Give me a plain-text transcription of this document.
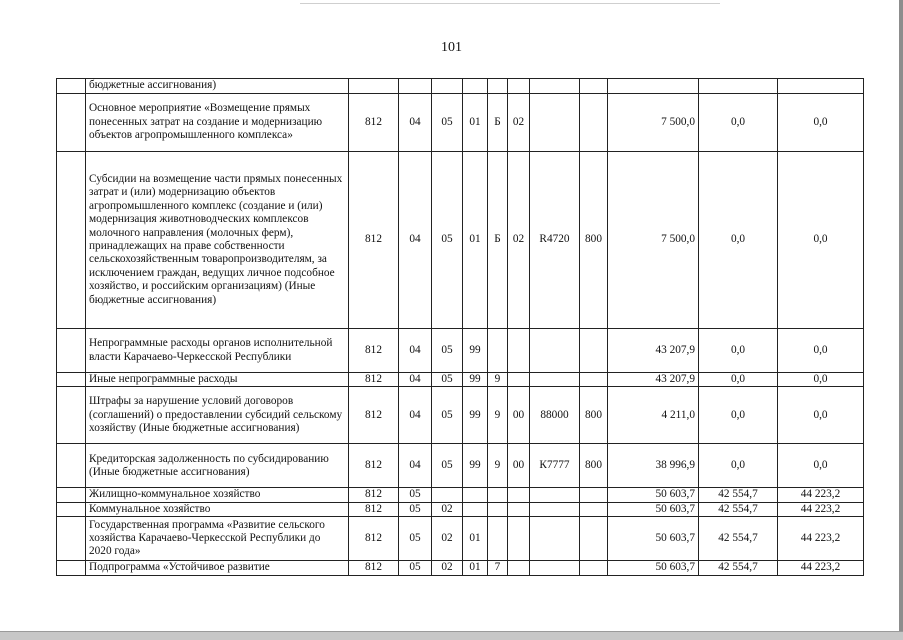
101
	бюджетные ассигнования)											
	Основное мероприятие «Возмещение прямых понесенных затрат на создание и модернизацию объектов агропромышленного комплекса»	812	04	05	01	Б	02			7 500,0	0,0	0,0
	Субсидии на возмещение части прямых понесенных затрат и (или) модернизацию объектов агропромышленного комплекс (создание и (или) модернизация животноводческих комплексов молочного направления (молочных ферм), принадлежащих на праве собственности сельскохозяйственным товаропроизводителям, за исключением граждан, ведущих личное подсобное хозяйство, и российским организациям) (Иные бюджетные ассигнования)	812	04	05	01	Б	02	R4720	800	7 500,0	0,0	0,0
	Непрограммные расходы органов исполнительной власти Карачаево-Черкесской Республики	812	04	05	99					43 207,9	0,0	0,0
	Иные непрограммные расходы	812	04	05	99	9				43 207,9	0,0	0,0
	Штрафы за нарушение условий договоров (соглашений) о предоставлении субсидий сельскому хозяйству (Иные бюджетные ассигнования)	812	04	05	99	9	00	88000	800	4 211,0	0,0	0,0
	Кредиторская задолженность по субсидированию (Иные бюджетные ассигнования)	812	04	05	99	9	00	К7777	800	38 996,9	0,0	0,0
	Жилищно-коммунальное хозяйство	812	05							50 603,7	42 554,7	44 223,2
	Коммунальное хозяйство	812	05	02						50 603,7	42 554,7	44 223,2
	Государственная программа «Развитие сельского хозяйства Карачаево-Черкесской Республики до 2020 года»	812	05	02	01					50 603,7	42 554,7	44 223,2
	Подпрограмма «Устойчивое развитие	812	05	02	01	7				50 603,7	42 554,7	44 223,2
